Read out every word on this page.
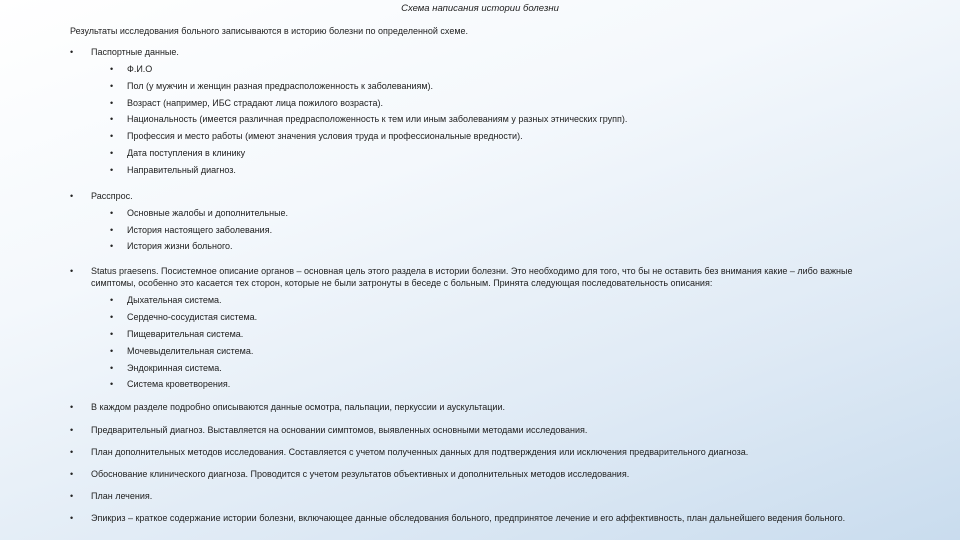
Схема написания истории болезни
Результаты исследования больного записываются в историю болезни по определенной схеме.
• Паспортные данные.
• Ф.И.О
• Пол (у мужчин и женщин разная предрасположенность к заболеваниям).
• Возраст (например, ИБС страдают лица пожилого возраста).
• Национальность (имеется различная предрасположенность к тем или иным заболеваниям у разных этнических групп).
• Профессия и место работы (имеют значения условия труда и профессиональные вредности).
• Дата поступления в клинику
• Направительный диагноз.
• Расспрос.
• Основные жалобы и дополнительные.
• История настоящего заболевания.
• История жизни больного.
• Status praesens. Посистемное описание органов – основная цель этого раздела в истории болезни. Это необходимо для того, что бы не оставить без внимания какие – либо важные симптомы, особенно это касается тех сторон, которые не были затронуты в беседе с больным. Принята следующая последовательность описания:
• Дыхательная система.
• Сердечно-сосудистая система.
• Пищеварительная система.
• Мочевыделительная система.
• Эндокринная система.
• Система кроветворения.
• В каждом разделе подробно описываются данные осмотра, пальпации, перкуссии и аускультации.
• Предварительный диагноз. Выставляется на основании симптомов, выявленных основными методами исследования.
• План дополнительных методов исследования. Составляется с учетом полученных данных для подтверждения или исключения предварительного диагноза.
• Обоснование клинического диагноза. Проводится с учетом результатов объективных и дополнительных методов исследования.
• План лечения.
• Эпикриз – краткое содержание истории болезни, включающее данные обследования больного, предпринятое лечение и его аффективность, план дальнейшего ведения больного.
